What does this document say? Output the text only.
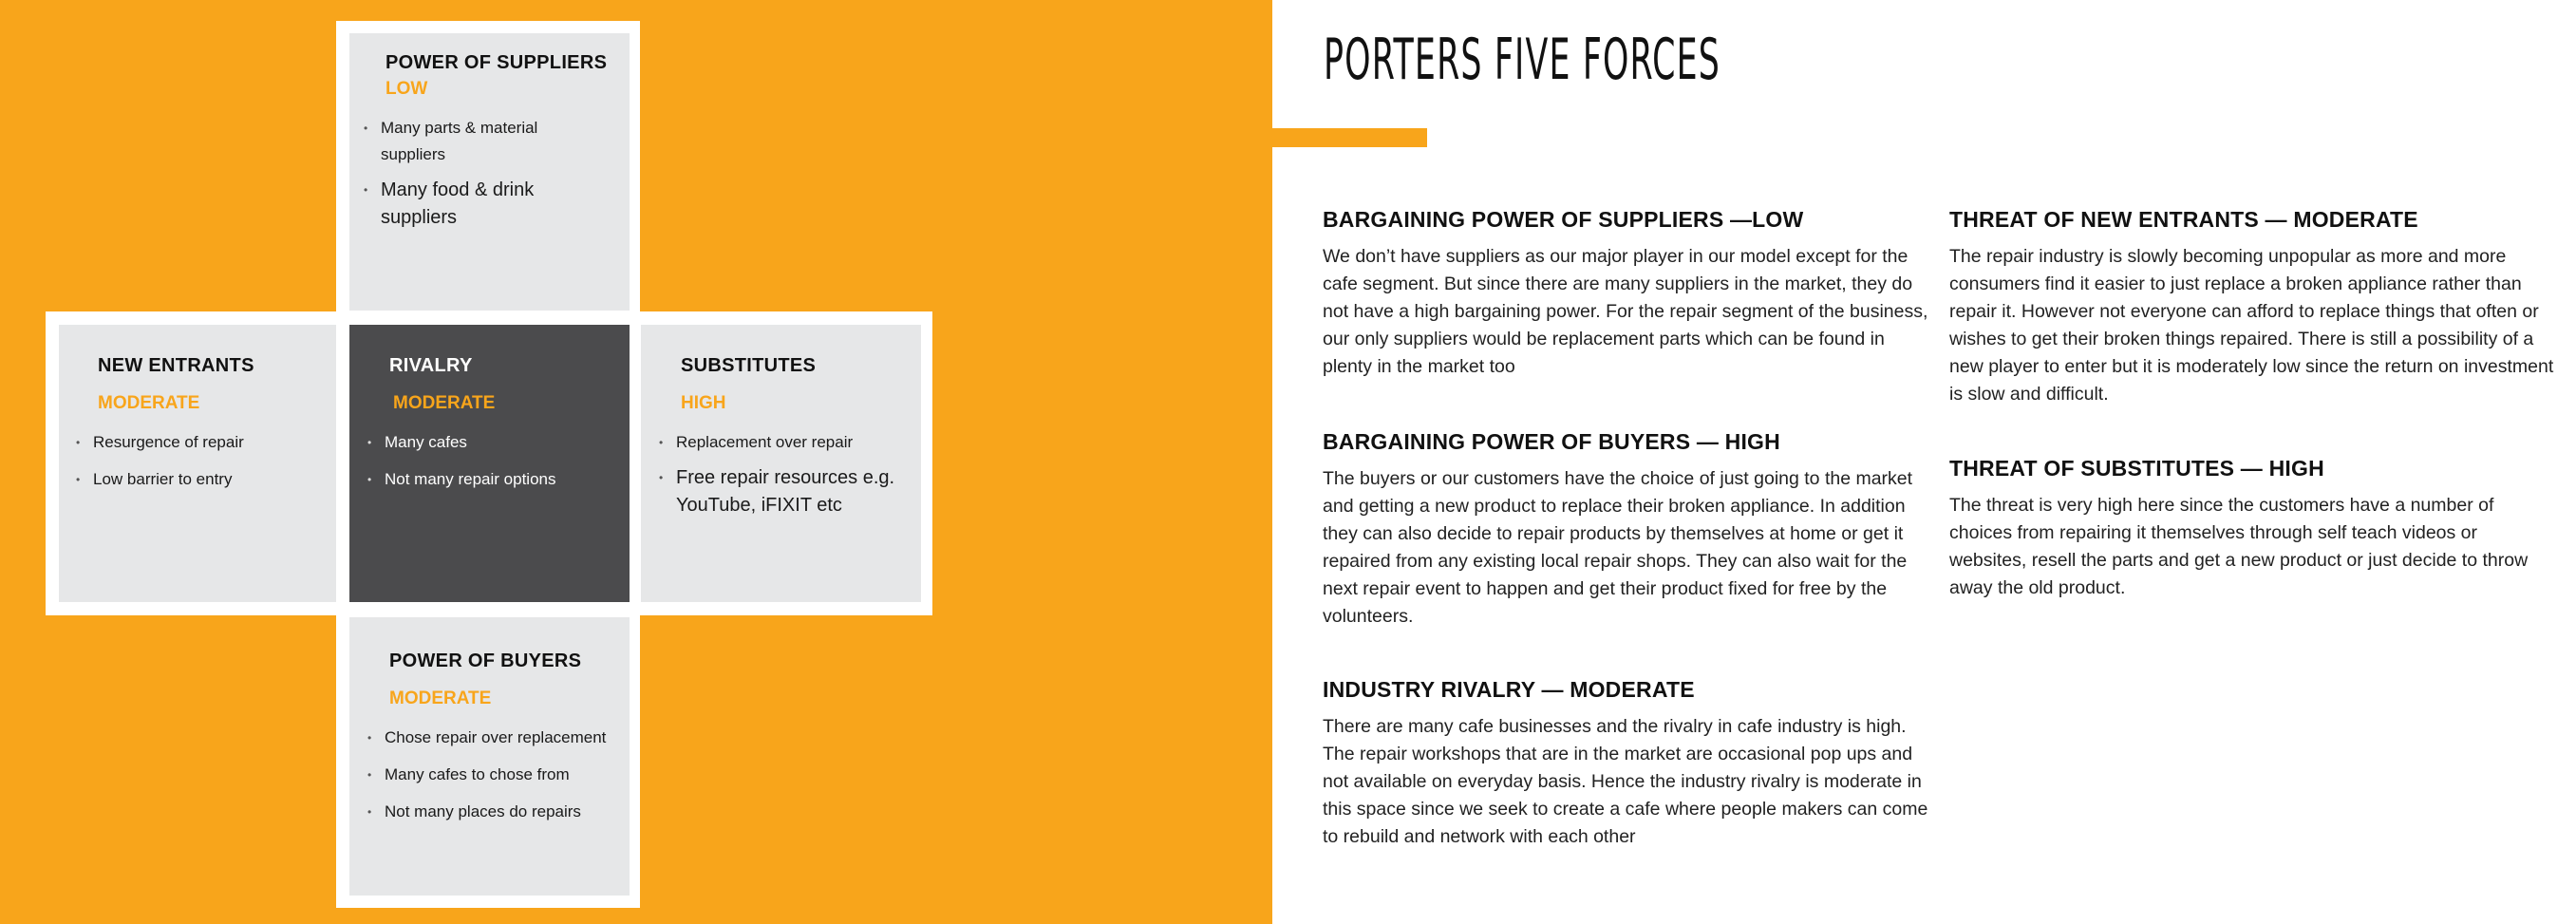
POWER OF SUPPLIERS
LOW
• Many parts & material suppliers
• Many food & drink suppliers
NEW ENTRANTS
MODERATE
• Resurgence of repair
• Low barrier to entry
RIVALRY
MODERATE
• Many cafes
• Not many repair options
SUBSTITUTES
HIGH
• Replacement over repair
• Free repair resources e.g. YouTube, iFIXIT etc
POWER OF BUYERS
MODERATE
• Chose repair over replacement
• Many cafes to chose from
• Not many places do repairs
PORTERS FIVE FORCES
BARGAINING POWER OF SUPPLIERS —LOW

We don’t have suppliers as our major player in our model except for the cafe segment. But since there are many suppliers in the market, they do not have a high bargaining power. For the repair segment of the business, our only suppliers would be replacement parts which can be found in plenty in the market too

BARGAINING POWER OF BUYERS — HIGH

The buyers or our customers have the choice of just going to the market and getting a new product to replace their broken appliance. In addition they can also decide to repair products by themselves at home or get it repaired from any existing local repair shops. They can also wait for the next repair event to happen and get their product fixed for free by the volunteers.

INDUSTRY RIVALRY — MODERATE

There are many cafe businesses and the rivalry in cafe industry is high. The repair workshops that are in the market are occasional pop ups and not available on everyday basis. Hence the industry rivalry is moderate in this space since we seek to create a cafe where people makers can come to rebuild and network with each other

THREAT OF NEW ENTRANTS — MODERATE

The repair industry is slowly becoming unpopular as more and more consumers find it easier to just replace a broken appliance rather than repair it. However not everyone can afford to replace things that often or wishes to get their broken things repaired. There is still a possibility of a new player to enter but it is moderately low since the return on investment is slow and difficult.

THREAT OF SUBSTITUTES — HIGH

The threat is very high here since the customers have a number of choices from repairing it themselves through self teach videos or websites, resell the parts and get a new product or just decide to throw away the old product.
